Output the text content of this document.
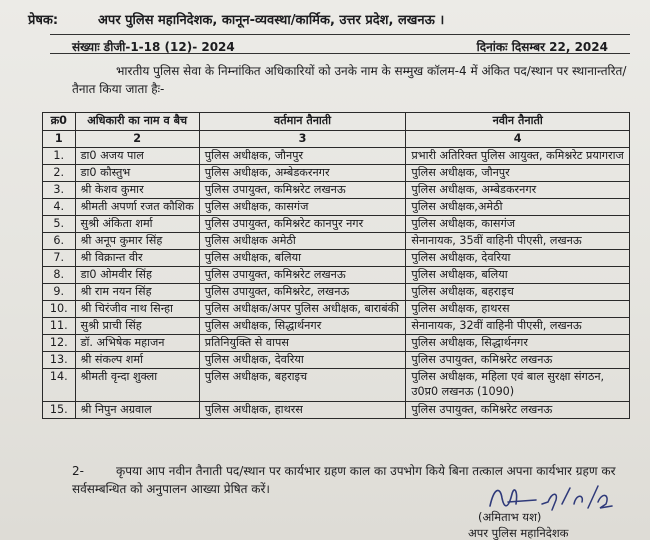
प्रेषक:	अपर पुलिस महानिदेशक, कानून-व्यवस्था/कार्मिक, उत्तर प्रदेश, लखनऊ ।
संख्याः डीजी-1-18 (12)- 2024	दिनांकः दिसम्बर 22, 2024

भारतीय पुलिस सेवा के निम्नांकित अधिकारियों को उनके नाम के सम्मुख कॉलम-4 में अंकित पद/स्थान पर स्थानान्तरित/तैनात किया जाता हैः-

क्र0	अधिकारी का नाम व बैच	वर्तमान तैनाती	नवीन तैनाती
1	2	3	4
1.	डा0 अजय पाल	पुलिस अधीक्षक, जौनपुर	प्रभारी अतिरिक्त पुलिस आयुक्त, कमिश्नरेट प्रयागराज
2.	डा0 कौस्तुभ	पुलिस अधीक्षक, अम्बेडकरनगर	पुलिस अधीक्षक, जौनपुर
3.	श्री केशव कुमार	पुलिस उपायुक्त, कमिश्नरेट लखनऊ	पुलिस अधीक्षक, अम्बेडकरनगर
4.	श्रीमती अपर्णा रजत कौशिक	पुलिस अधीक्षक, कासगंज	पुलिस अधीक्षक,अमेठी
5.	सुश्री अंकिता शर्मा	पुलिस उपायुक्त, कमिश्नरेट कानपुर नगर	पुलिस अधीक्षक, कासगंज
6.	श्री अनूप कुमार सिंह	पुलिस अधीक्षक अमेठी	सेनानायक, 35वीं वाहिनी पीएसी, लखनऊ
7.	श्री विक्रान्त वीर	पुलिस अधीक्षक, बलिया	पुलिस अधीक्षक, देवरिया
8.	डा0 ओमवीर सिंह	पुलिस उपायुक्त, कमिश्नरेट लखनऊ	पुलिस अधीक्षक, बलिया
9.	श्री राम नयन सिंह	पुलिस उपायुक्त, कमिश्नरेट, लखनऊ	पुलिस अधीक्षक, बहराइच
10.	श्री चिरंजीव नाथ सिन्हा	पुलिस अधीक्षक/अपर पुलिस अधीक्षक, बाराबंकी	पुलिस अधीक्षक, हाथरस
11.	सुश्री प्राची सिंह	पुलिस अधीक्षक, सिद्धार्थनगर	सेनानायक, 32वीं वाहिनी पीएसी, लखनऊ
12.	डॉ. अभिषेक महाजन	प्रतिनियुक्ति से वापस	पुलिस अधीक्षक, सिद्धार्थनगर
13.	श्री संकल्प शर्मा	पुलिस अधीक्षक, देवरिया	पुलिस उपायुक्त, कमिश्नरेट लखनऊ
14.	श्रीमती वृन्दा शुक्ला	पुलिस अधीक्षक, बहराइच	पुलिस अधीक्षक, महिला एवं बाल सुरक्षा संगठन,
उ0प्र0 लखनऊ (1090)

15.	श्री निपुन अग्रवाल	पुलिस अधीक्षक, हाथरस	पुलिस उपायुक्त, कमिश्नरेट लखनऊ

2-	कृपया आप नवीन तैनाती पद/स्थान पर कार्यभार ग्रहण काल का उपभोग किये बिना तत्काल अपना कार्यभार ग्रहण कर सर्वसम्बन्धित को अनुपालन आख्या प्रेषित करें।

(अमिताभ यश)
अपर पुलिस महानिदेशक
